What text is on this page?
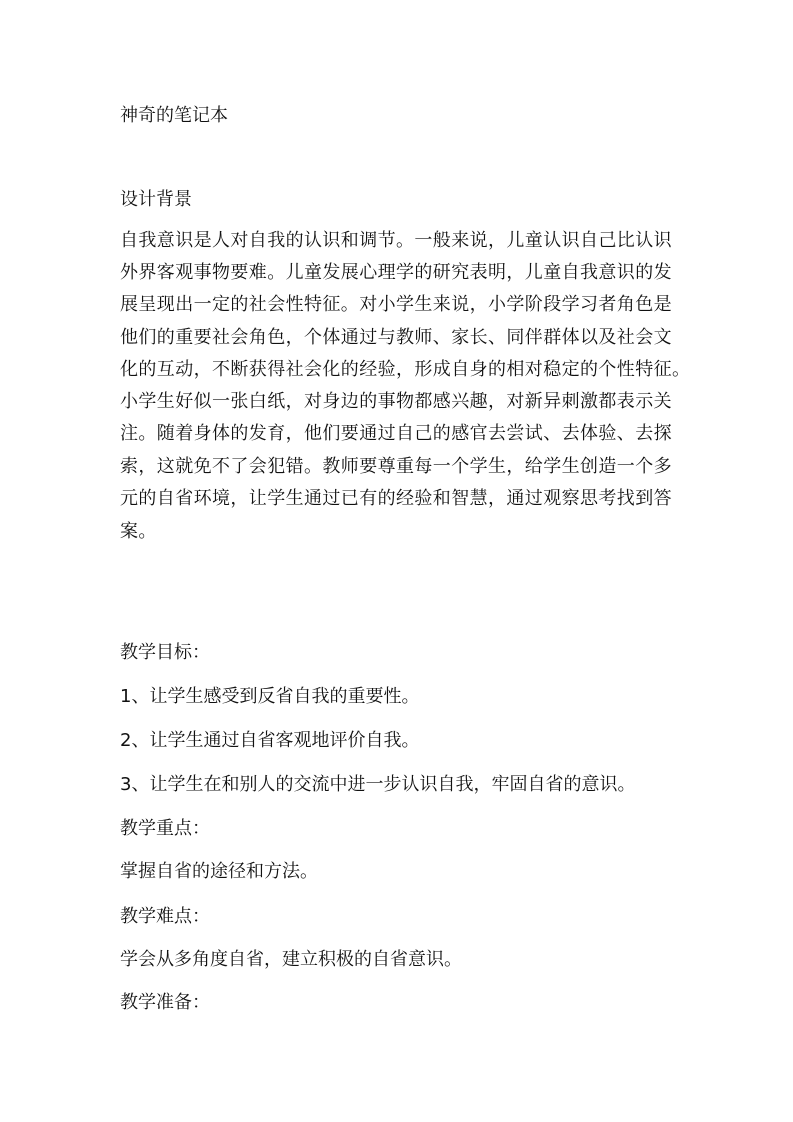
神奇的笔记本
设计背景
自我意识是人对自我的认识和调节。一般来说，儿童认识自己比认识
外界客观事物要难。儿童发展心理学的研究表明，儿童自我意识的发
展呈现出一定的社会性特征。对小学生来说，小学阶段学习者角色是
他们的重要社会角色，个体通过与教师、家长、同伴群体以及社会文
化的互动，不断获得社会化的经验，形成自身的相对稳定的个性特征。
小学生好似一张白纸，对身边的事物都感兴趣，对新异刺激都表示关
注。随着身体的发育，他们要通过自己的感官去尝试、去体验、去探
索，这就免不了会犯错。教师要尊重每一个学生，给学生创造一个多
元的自省环境，让学生通过已有的经验和智慧，通过观察思考找到答
案。
教学目标：
1、让学生感受到反省自我的重要性。
2、让学生通过自省客观地评价自我。
3、让学生在和别人的交流中进一步认识自我，牢固自省的意识。
教学重点：
掌握自省的途径和方法。
教学难点：
学会从多角度自省，建立积极的自省意识。
教学准备：
